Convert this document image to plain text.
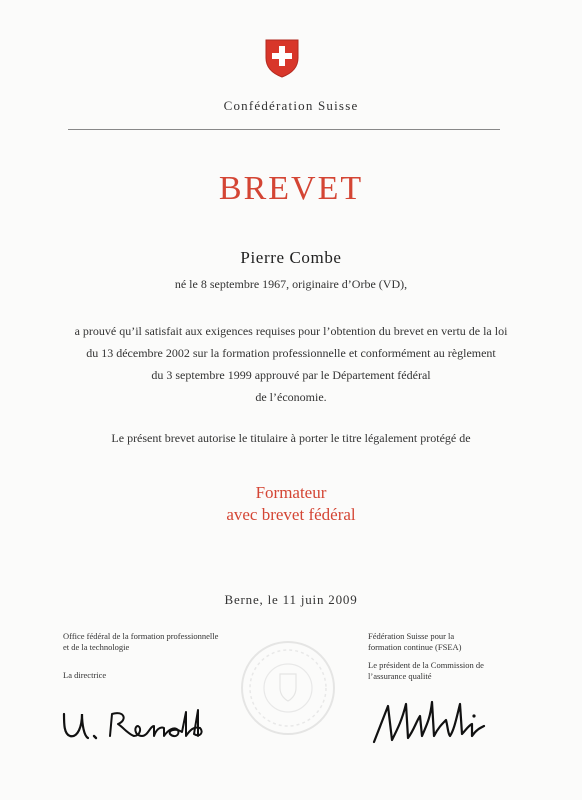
Confédération Suisse
BREVET
Pierre Combe
né le 8 septembre 1967, originaire d’Orbe (VD),
a prouvé qu’il satisfait aux exigences requises pour l’obtention du brevet en vertu de la loi
du 13 décembre 2002 sur la formation professionnelle et conformément au règlement
du 3 septembre 1999 approuvé par le Département fédéral
de l’économie.
Le présent brevet autorise le titulaire à porter le titre légalement protégé de
Formateur
avec brevet fédéral
Berne, le 11 juin 2009
Office fédéral de la formation professionnelle
et de la technologie
La directrice
Fédération Suisse pour la
formation continue (FSEA)
Le président de la Commission de
l’assurance qualité
